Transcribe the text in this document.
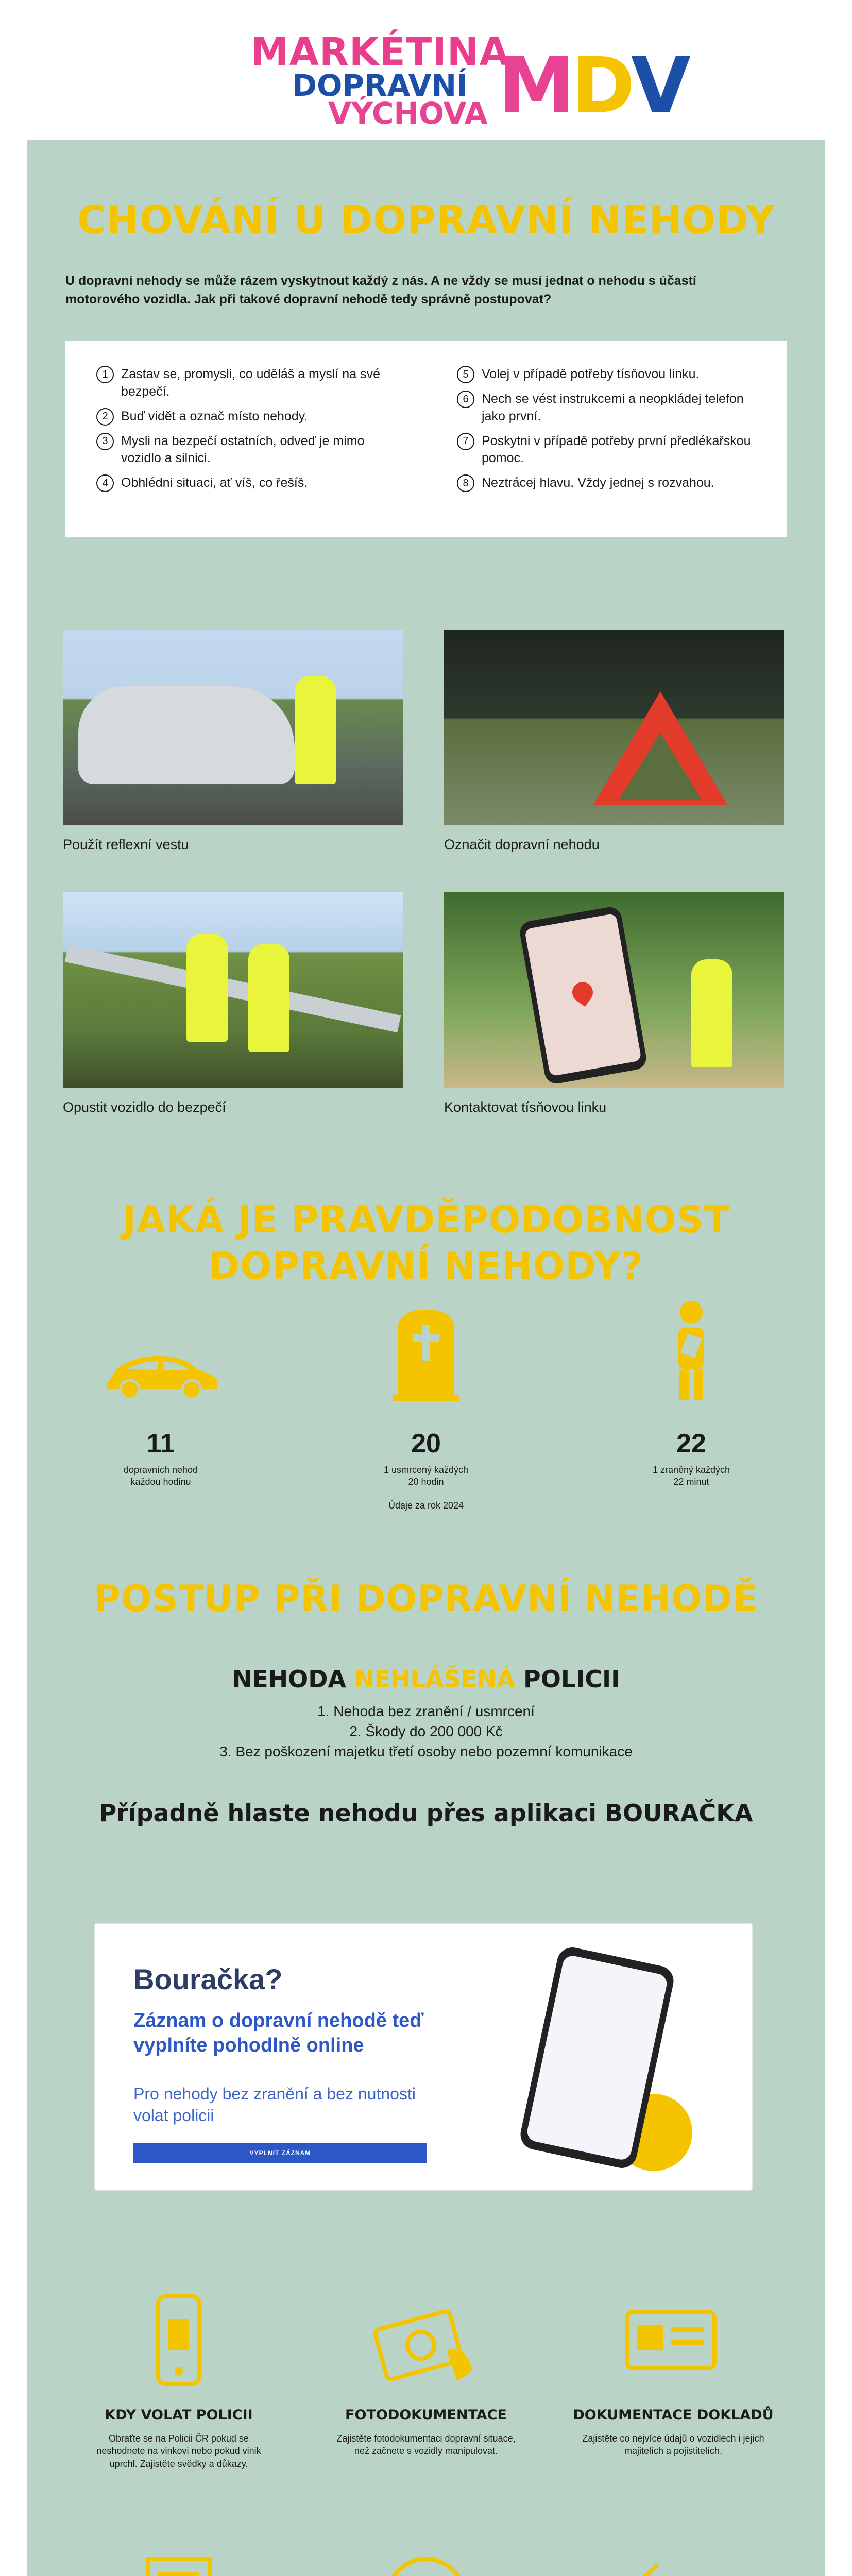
MARKÉTINA
DOPRAVNÍ
VÝCHOVA MDV
CHOVÁNÍ U DOPRAVNÍ NEHODY

U dopravní nehody se může rázem vyskytnout každý z nás. A ne vždy se musí jednat o nehodu s účastí motorového vozidla. Jak při takové dopravní nehodě tedy správně postupovat?

1	Zastav se, promysli, co uděláš a myslí na své bezpečí.
2	Buď vidět a označ místo nehody.
3	Mysli na bezpečí ostatních, odveď je mimo vozidlo a silnici.
4	Obhlédni situaci, ať víš, co řešíš.
5	Volej v případě potřeby tísňovou linku.
6	Nech se vést instrukcemi a neopkládej telefon jako první.
7	Poskytni v případě potřeby první předlékařskou pomoc.
8	Neztrácej hlavu. Vždy jednej s rozvahou.
Použít reflexní vestu	Označit dopravní nehodu
Opustit vozidlo do bezpečí	Kontaktovat tísňovou linku
JAKÁ JE PRAVDĚPODOBNOST
DOPRAVNÍ NEHODY?
11
dopravních nehod
každou hodinu
20
1 usmrcený každých
20 hodin
22
1 zraněný každých
22 minut
Údaje za rok 2024
POSTUP PŘI DOPRAVNÍ NEHODĚ
NEHODA NEHLÁŠENÁ POLICII
1. Nehoda bez zranění / usmrcení
2. Škody do 200 000 Kč
3. Bez poškození majetku třetí osoby nebo pozemní komunikace
Případně hlaste nehodu přes aplikaci BOURAČKA
Bouračka?
Záznam o dopravní nehodě teď vyplníte pohodlně online
Pro nehody bez zranění a bez nutnosti volat policii
VYPLNIT ZÁZNAM
KDY VOLAT POLICII
Obraťte se na Policii ČR pokud se neshodnete na vinkovi nebo pokud vinik uprchl. Zajistěte svědky a důkazy.
FOTODOKUMENTACE
Zajistěte fotodokumentaci dopravní situace, než začnete s vozidly manipulovat.
DOKUMENTACE DOKLADŮ
Zajistěte co nejvíce údajů o vozidlech i jejich majitelích a pojistitelích.
